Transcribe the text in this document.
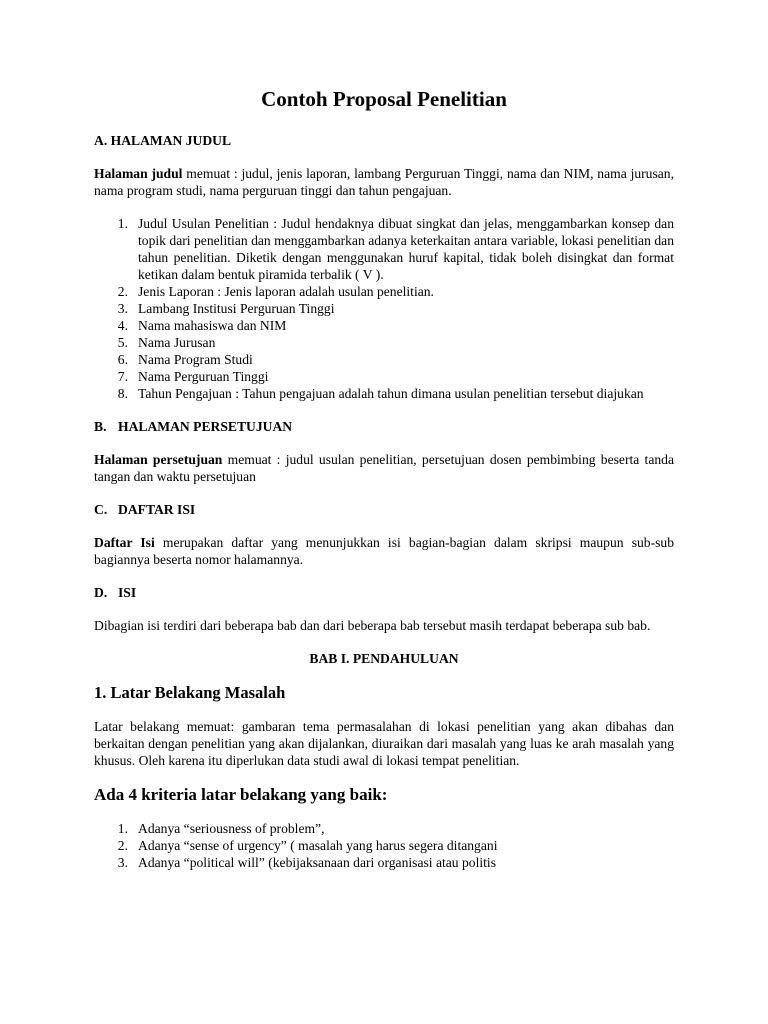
Contoh Proposal Penelitian
A. HALAMAN JUDUL

Halaman judul memuat : judul, jenis laporan, lambang Perguruan Tinggi, nama dan NIM, nama jurusan, nama program studi, nama perguruan tinggi dan tahun pengajuan.

1. Judul Usulan Penelitian : Judul hendaknya dibuat singkat dan jelas, menggambarkan konsep dan topik dari penelitian dan menggambarkan adanya keterkaitan antara variable, lokasi penelitian dan tahun penelitian. Diketik dengan menggunakan huruf kapital, tidak boleh disingkat dan format ketikan dalam bentuk piramida terbalik ( V ).
2. Jenis Laporan : Jenis laporan adalah usulan penelitian.
3. Lambang Institusi Perguruan Tinggi
4. Nama mahasiswa dan NIM
5. Nama Jurusan
6. Nama Program Studi
7. Nama Perguruan Tinggi
8. Tahun Pengajuan : Tahun pengajuan adalah tahun dimana usulan penelitian tersebut diajukan
B. HALAMAN PERSETUJUAN

Halaman persetujuan memuat : judul usulan penelitian, persetujuan dosen pembimbing beserta tanda tangan dan waktu persetujuan

C. DAFTAR ISI

Daftar Isi merupakan daftar yang menunjukkan isi bagian-bagian dalam skripsi maupun sub-sub bagiannya beserta nomor halamannya.

D. ISI

Dibagian isi terdiri dari beberapa bab dan dari beberapa bab tersebut masih terdapat beberapa sub bab.

BAB I. PENDAHULUAN
1. Latar Belakang Masalah

Latar belakang memuat: gambaran tema permasalahan di lokasi penelitian yang akan dibahas dan berkaitan dengan penelitian yang akan dijalankan, diuraikan dari masalah yang luas ke arah masalah yang khusus. Oleh karena itu diperlukan data studi awal di lokasi tempat penelitian.

Ada 4 kriteria latar belakang yang baik:
1. Adanya “seriousness of problem”,
2. Adanya “sense of urgency” ( masalah yang harus segera ditangani
3. Adanya “political will” (kebijaksanaan dari organisasi atau politis
